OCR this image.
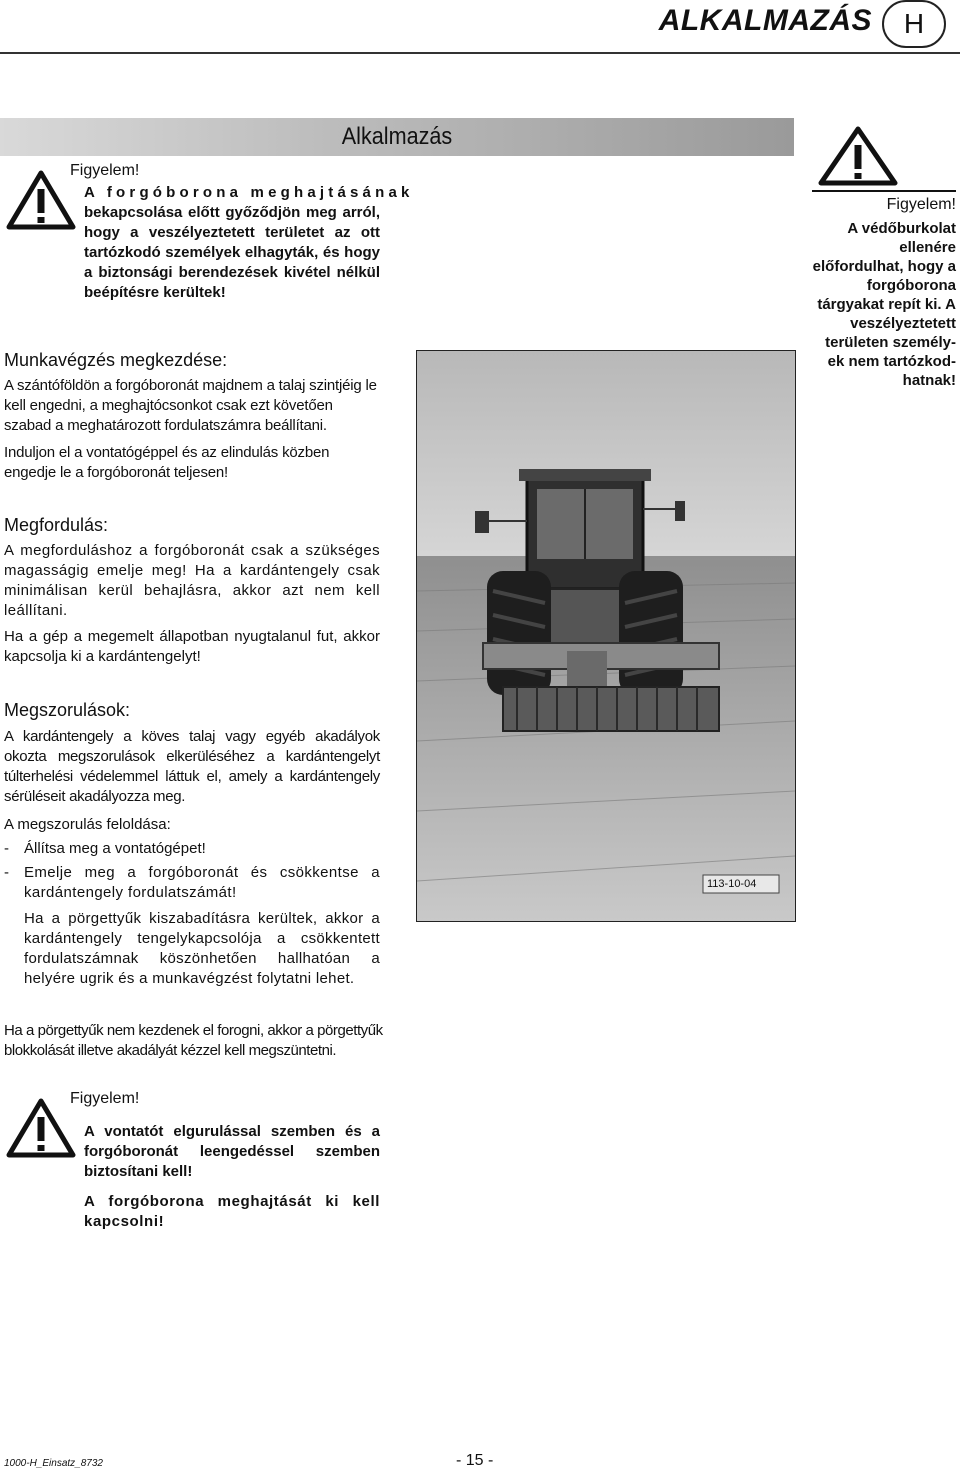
ALKALMAZÁS	H
Alkalmazás
Figyelem!
A forgóborona meghajtásának

bekapcsolása előtt győződjön meg arról, hogy a veszélyeztetett területet az ott tartózkodó személyek elhagyták, és hogy a biztonsági berendezések kivétel nélkül beépítésre kerültek!

Munkavégzés megkezdése:

A szántóföldön a forgóboronát majdnem a talaj szintjéig le kell engedni, a meghajtócsonkot csak ezt követően szabad a meghatározott fordulatszámra beállítani.

Induljon el a vontatógéppel és az elindulás közben engedje le a forgóboronát teljesen!

Megfordulás:

A megforduláshoz a forgóboronát csak a szükséges magasságig emelje meg! Ha a kardántengely csak minimálisan kerül behajlásra, akkor azt nem kell leállítani.

Ha a gép a megemelt állapotban nyugtalanul fut, akkor kapcsolja ki a kardántengelyt!

Megszorulások:

A kardántengely a köves talaj vagy egyéb akadályok okozta megszorulások elkerüléséhez a kardántengelyt túlterhelési védelemmel láttuk el, amely a kardántengely sérüléseit akadályozza meg.

A megszorulás feloldása:

- Állítsa meg a vontatógépet!

- Emelje meg a forgóboronát és csökkentse a kardántengely fordulatszámát!

Ha a pörgettyűk kiszabadításra kerültek, akkor a kardántengely tengelykapcsolója a csökkentett fordulatszámnak köszönhetően hallhatóan a helyére ugrik és a munkavégzést folytatni lehet.

Ha a pörgettyűk nem kezdenek el forogni, akkor a pörgettyűk blokkolását illetve akadályát kézzel kell megszüntetni.

Figyelem!

A védőburkolat ellenére előfordulhat, hogy a forgóborona tárgyakat repít ki. A veszélyeztetett területen személy- ek nem tartózkod- hatnak!

113-10-04
Figyelem!

A vontatót elgurulással szemben és a forgóboronát leengedéssel szemben biztosítani kell!

A forgóborona meghajtását ki kell kapcsolni!

1000-H_Einsatz_8732	- 15 -
